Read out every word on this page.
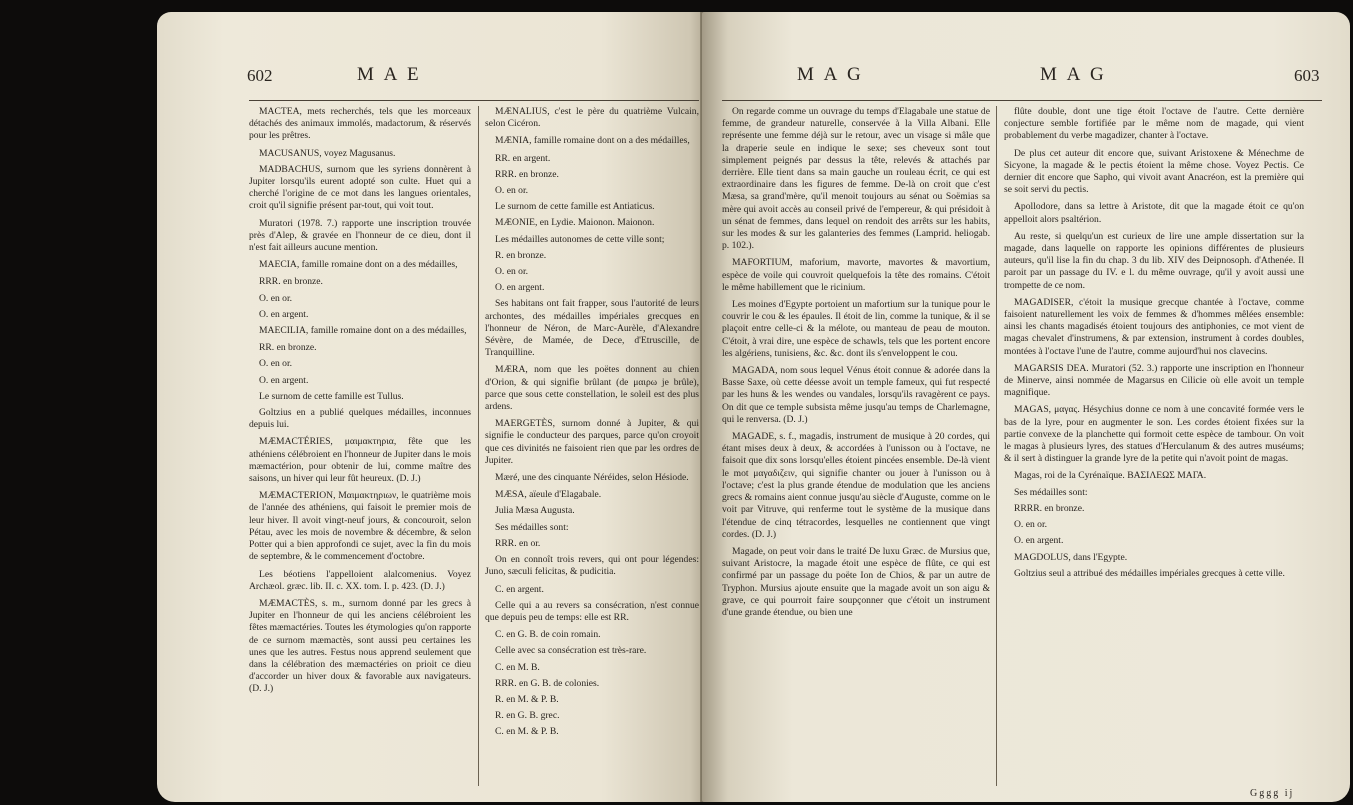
602	M A E

MACTEA, mets recherchés, tels que les morceaux détachés des animaux immolés, madactorum, & réservés pour les prêtres.

MACUSANUS, voyez Magusanus.

MADBACHUS, surnom que les syriens donnèrent à Jupiter lorsqu'ils eurent adopté son culte. Huet qui a cherché l'origine de ce mot dans les langues orientales, croit qu'il signifie présent par-tout, qui voit tout.

Muratori (1978. 7.) rapporte une inscription trouvée près d'Alep, & gravée en l'honneur de ce dieu, dont il n'est fait ailleurs aucune mention.

MAECIA, famille romaine dont on a des médailles,

RRR. en bronze.

O. en or.

O. en argent.

MAECILIA, famille romaine dont on a des médailles,

RR. en bronze.

O. en or.

O. en argent.

Le surnom de cette famille est Tullus.

Goltzius en a publié quelques médailles, inconnues depuis lui.

MÆMACTÉRIES, μαιμακτηρια, fête que les athéniens célébroient en l'honneur de Jupiter dans le mois mæmactérion, pour obtenir de lui, comme maître des saisons, un hiver qui leur fût heureux. (D. J.)

MÆMACTERION, Μαιμακτηριων, le quatrième mois de l'année des athéniens, qui faisoit le premier mois de leur hiver. Il avoit vingt-neuf jours, & concouroit, selon Pétau, avec les mois de novembre & décembre, & selon Potter qui a bien approfondi ce sujet, avec la fin du mois de septembre, & le commencement d'octobre.

Les béotiens l'appelloient alalcomenius. Voyez Archæol. græc. lib. II. c. XX. tom. I. p. 423. (D. J.)

MÆMACTÈS, s. m., surnom donné par les grecs à Jupiter en l'honneur de qui les anciens célébroient les fêtes mæmactéries. Toutes les étymologies qu'on rapporte de ce surnom mæmactès, sont aussi peu certaines les unes que les autres. Festus nous apprend seulement que dans la célébration des mæmactéries on prioit ce dieu d'accorder un hiver doux & favorable aux navigateurs. (D. J.)

MÆNALIUS, c'est le père du quatrième Vulcain, selon Cicéron.

MÆNIA, famille romaine dont on a des médailles,

RR. en argent.

RRR. en bronze.

O. en or.

Le surnom de cette famille est Antiaticus.

MÆONIE, en Lydie. Maionon. Maionon.

Les médailles autonomes de cette ville sont;

R. en bronze.

O. en or.

O. en argent.

Ses habitans ont fait frapper, sous l'autorité de leurs archontes, des médailles impériales grecques en l'honneur de Néron, de Marc-Aurèle, d'Alexandre Sévère, de Mamée, de Dece, d'Etruscille, de Tranquilline.

MÆRA, nom que les poëtes donnent au chien d'Orion, & qui signifie brûlant (de μαιρω je brûle), parce que sous cette constellation, le soleil est des plus ardens.

MAERGETÈS, surnom donné à Jupiter, & qui signifie le conducteur des parques, parce qu'on croyoit que ces divinités ne faisoient rien que par les ordres de Jupiter.

Mæré, une des cinquante Néréides, selon Hésiode.

MÆSA, aïeule d'Elagabale.

Julia Mæsa Augusta.

Ses médailles sont:

RRR. en or.

On en connoît trois revers, qui ont pour légendes: Juno, sæculi felicitas, & pudicitia.

C. en argent.

Celle qui a au revers sa consécration, n'est connue que depuis peu de temps: elle est RR.

C. en G. B. de coin romain.

Celle avec sa consécration est très-rare.

C. en M. B.

RRR. en G. B. de colonies.

R. en M. & P. B.

R. en G. B. grec.

C. en M. & P. B.

M A G	M A G	603

On regarde comme un ouvrage du temps d'Elagabale une statue de femme, de grandeur naturelle, conservée à la Villa Albani. Elle représente une femme déjà sur le retour, avec un visage si mâle que la draperie seule en indique le sexe; ses cheveux sont tout simplement peignés par dessus la tête, relevés & attachés par derrière. Elle tient dans sa main gauche un rouleau écrit, ce qui est extraordinaire dans les figures de femme. De-là on croit que c'est Mæsa, sa grand'mère, qu'il menoit toujours au sénat ou Soëmias sa mère qui avoit accès au conseil privé de l'empereur, & qui présidoit à un sénat de femmes, dans lequel on rendoit des arrêts sur les habits, sur les modes & sur les galanteries des femmes (Lamprid. heliogab. p. 102.).

MAFORTIUM, maforium, mavorte, mavortes & mavortium, espèce de voile qui couvroit quelquefois la tête des romains. C'étoit le même habillement que le ricinium.

Les moines d'Egypte portoient un mafortium sur la tunique pour le couvrir le cou & les épaules. Il étoit de lin, comme la tunique, & il se plaçoit entre celle-ci & la mélote, ou manteau de peau de mouton. C'étoit, à vrai dire, une espèce de schawls, tels que les portent encore les algériens, tunisiens, &c. &c. dont ils s'enveloppent le cou.

MAGADA, nom sous lequel Vénus étoit connue & adorée dans la Basse Saxe, où cette déesse avoit un temple fameux, qui fut respecté par les huns & les wendes ou vandales, lorsqu'ils ravagèrent ce pays. On dit que ce temple subsista même jusqu'au temps de Charlemagne, qui le renversa. (D. J.)

MAGADE, s. f., magadis, instrument de musique à 20 cordes, qui étant mises deux à deux, & accordées à l'unisson ou à l'octave, ne faisoit que dix sons lorsqu'elles étoient pincées ensemble. De-là vient le mot μαγαδιζειν, qui signifie chanter ou jouer à l'unisson ou à l'octave; c'est la plus grande étendue de modulation que les anciens grecs & romains aient connue jusqu'au siècle d'Auguste, comme on le voit par Vitruve, qui renferme tout le système de la musique dans l'étendue de cinq tétracordes, lesquelles ne contiennent que vingt cordes. (D. J.)

Magade, on peut voir dans le traité De luxu Græc. de Mursius que, suivant Aristocre, la magade étoit une espèce de flûte, ce qui est confirmé par un passage du poëte Ion de Chios, & par un autre de Tryphon. Mursius ajoute ensuite que la magade avoit un son aigu & grave, ce qui pourroit faire soupçonner que c'étoit un instrument d'une grande étendue, ou bien une

flûte double, dont une tige étoit l'octave de l'autre. Cette dernière conjecture semble fortifiée par le même nom de magade, qui vient probablement du verbe magadizer, chanter à l'octave.

De plus cet auteur dit encore que, suivant Aristoxene & Ménechme de Sicyone, la magade & le pectis étoient la même chose. Voyez Pectis. Ce dernier dit encore que Sapho, qui vivoit avant Anacréon, est la première qui se soit servi du pectis.

Apollodore, dans sa lettre à Aristote, dit que la magade étoit ce qu'on appelloit alors psaltérion.

Au reste, si quelqu'un est curieux de lire une ample dissertation sur la magade, dans laquelle on rapporte les opinions différentes de plusieurs auteurs, qu'il lise la fin du chap. 3 du lib. XIV des Deipnosoph. d'Athenée. Il paroit par un passage du IV. e l. du même ouvrage, qu'il y avoit aussi une trompette de ce nom.

MAGADISER, c'étoit la musique grecque chantée à l'octave, comme faisoient naturellement les voix de femmes & d'hommes mêlées ensemble: ainsi les chants magadisés étoient toujours des antiphonies, ce mot vient de magas chevalet d'instrumens, & par extension, instrument à cordes doubles, montées à l'octave l'une de l'autre, comme aujourd'hui nos clavecins.

MAGARSIS DEA. Muratori (52. 3.) rapporte une inscription en l'honneur de Minerve, ainsi nommée de Magarsus en Cilicie où elle avoit un temple magnifique.

MAGAS, μαγας. Hésychius donne ce nom à une concavité formée vers le bas de la lyre, pour en augmenter le son. Les cordes étoient fixées sur la partie convexe de la planchette qui formoit cette espèce de tambour. On voit le magas à plusieurs lyres, des statues d'Herculanum & des autres muséums; & il sert à distinguer la grande lyre de la petite qui n'avoit point de magas.

Magas, roi de la Cyrénaïque. ΒΑΣΙΛΕΩΣ ΜΑΓΑ.

Ses médailles sont:

RRRR. en bronze.

O. en or.

O. en argent.

MAGDOLUS, dans l'Egypte.

Goltzius seul a attribué des médailles impériales grecques à cette ville.

Gggg ij
